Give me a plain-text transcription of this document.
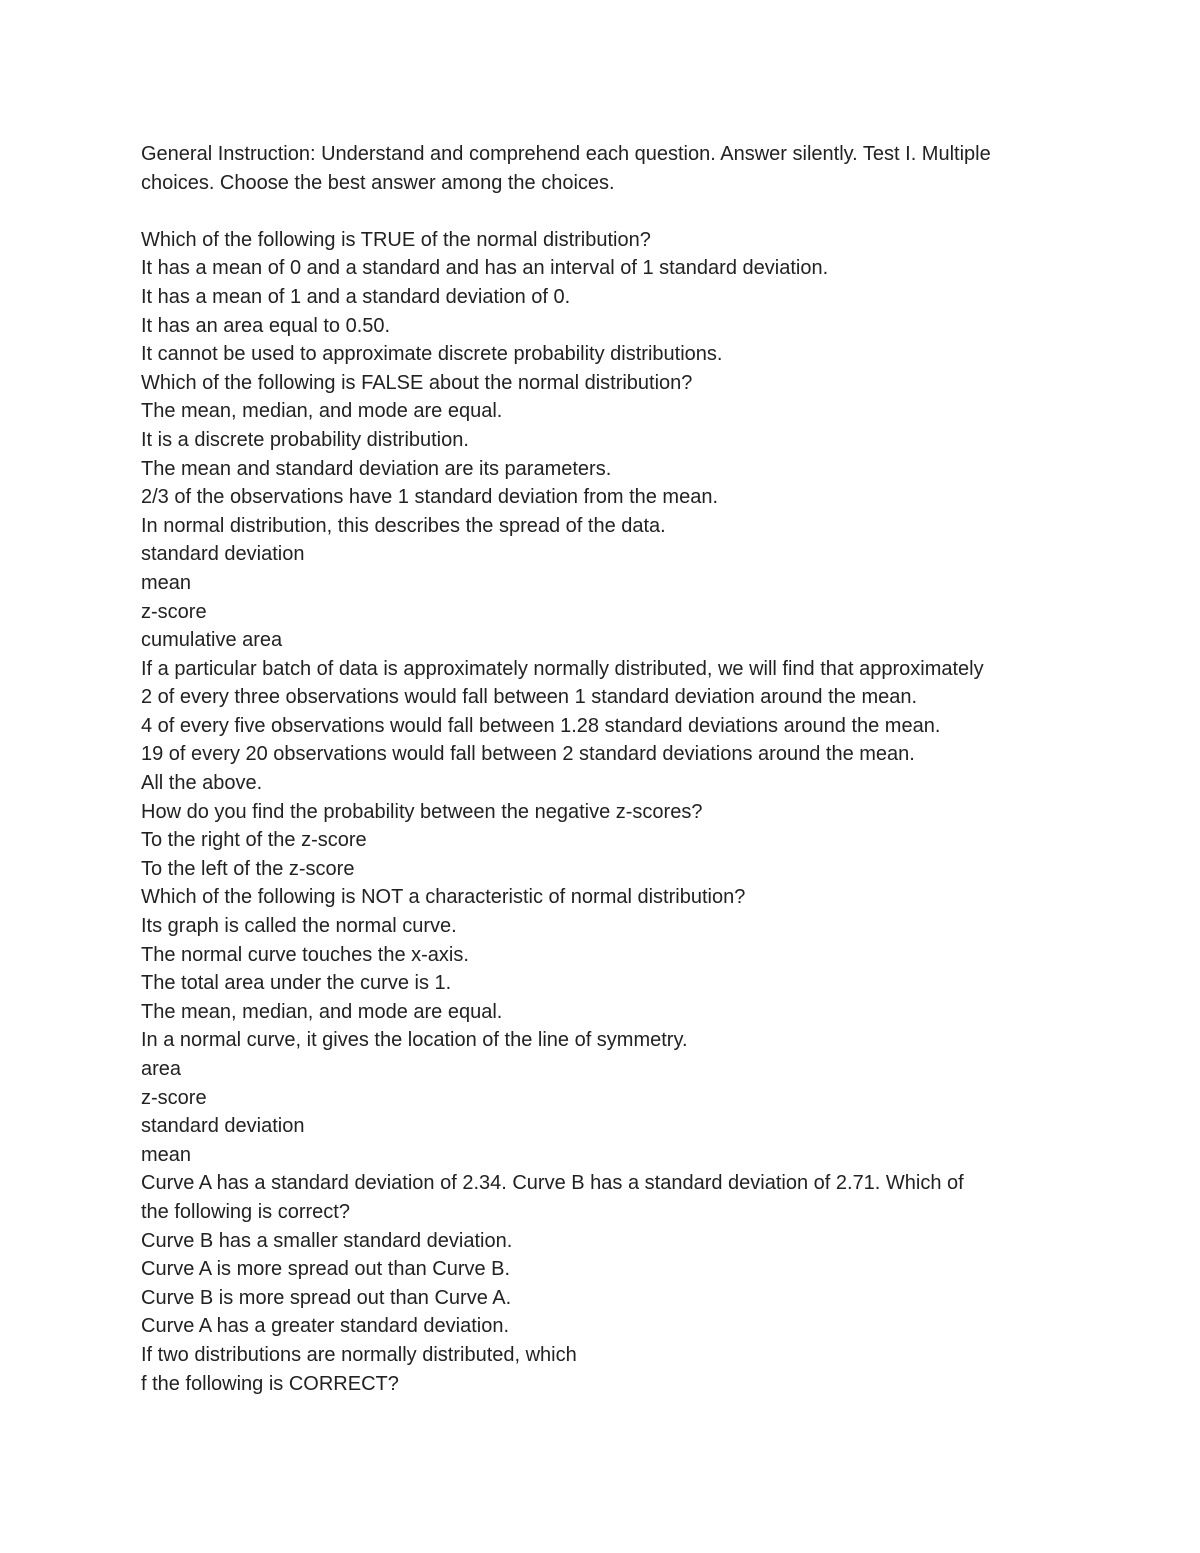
General Instruction: Understand and comprehend each question. Answer silently. Test I. Multiple choices. Choose the best answer among the choices.

Which of the following is TRUE of the normal distribution?

It has a mean of 0 and a standard and has an interval of 1 standard deviation.

It has a mean of 1 and a standard deviation of 0.

It has an area equal to 0.50.

It cannot be used to approximate discrete probability distributions.

Which of the following is FALSE about the normal distribution?

The mean, median, and mode are equal.

It is a discrete probability distribution.

The mean and standard deviation are its parameters.

2/3 of the observations have 1 standard deviation from the mean.

In normal distribution, this describes the spread of the data.

standard deviation

mean

z-score

cumulative area

If a particular batch of data is approximately normally distributed, we will find that approximately

2 of every three observations would fall between 1 standard deviation around the mean.

4 of every five observations would fall between 1.28 standard deviations around the mean.

19 of every 20 observations would fall between 2 standard deviations around the mean.

All the above.

How do you find the probability between the negative z-scores?

To the right of the z-score

To the left of the z-score

Which of the following is NOT a characteristic of normal distribution?

Its graph is called the normal curve.

The normal curve touches the x-axis.

The total area under the curve is 1.

The mean, median, and mode are equal.

In a normal curve, it gives the location of the line of symmetry.

area

z-score

standard deviation

mean

Curve A has a standard deviation of 2.34. Curve B has a standard deviation of 2.71. Which of

the following is correct?

Curve B has a smaller standard deviation.

Curve A is more spread out than Curve B.

Curve B is more spread out than Curve A.

Curve A has a greater standard deviation.

If two distributions are normally distributed, which

f the following is CORRECT?
